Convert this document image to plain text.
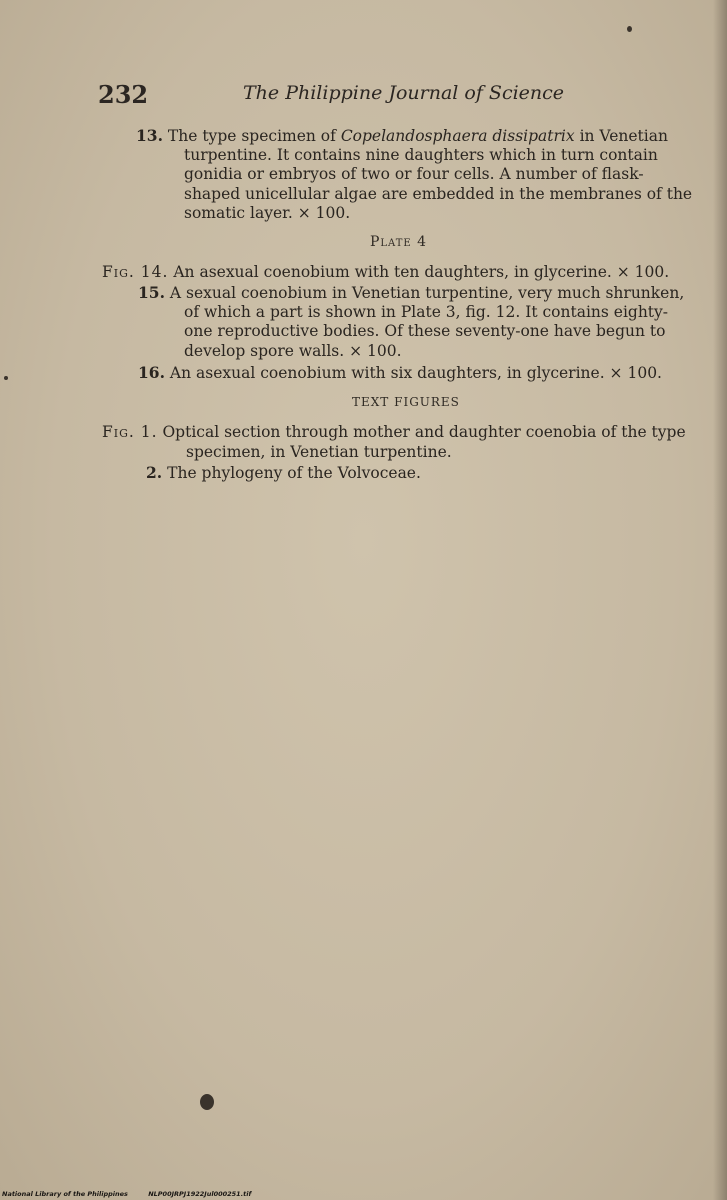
232	The Philippine Journal of Science
13. The type specimen of Copelandosphaera dissipatrix in Venetian
turpentine. It contains nine daughters which in turn contain
gonidia or embryos of two or four cells. A number of flask-
shaped unicellular algae are embedded in the membranes of the
somatic layer. × 100.
Plate 4
Fig. 14. An asexual coenobium with ten daughters, in glycerine. × 100.
15. A sexual coenobium in Venetian turpentine, very much shrunken,
of which a part is shown in Plate 3, fig. 12. It contains eighty-
one reproductive bodies. Of these seventy-one have begun to
develop spore walls. × 100.
16. An asexual coenobium with six daughters, in glycerine. × 100.
TEXT FIGURES
Fig. 1. Optical section through mother and daughter coenobia of the type
specimen, in Venetian turpentine.
2. The phylogeny of the Volvoceae.
National Library of the Philippines	NLP00JRPJ1922Jul000251.tif
